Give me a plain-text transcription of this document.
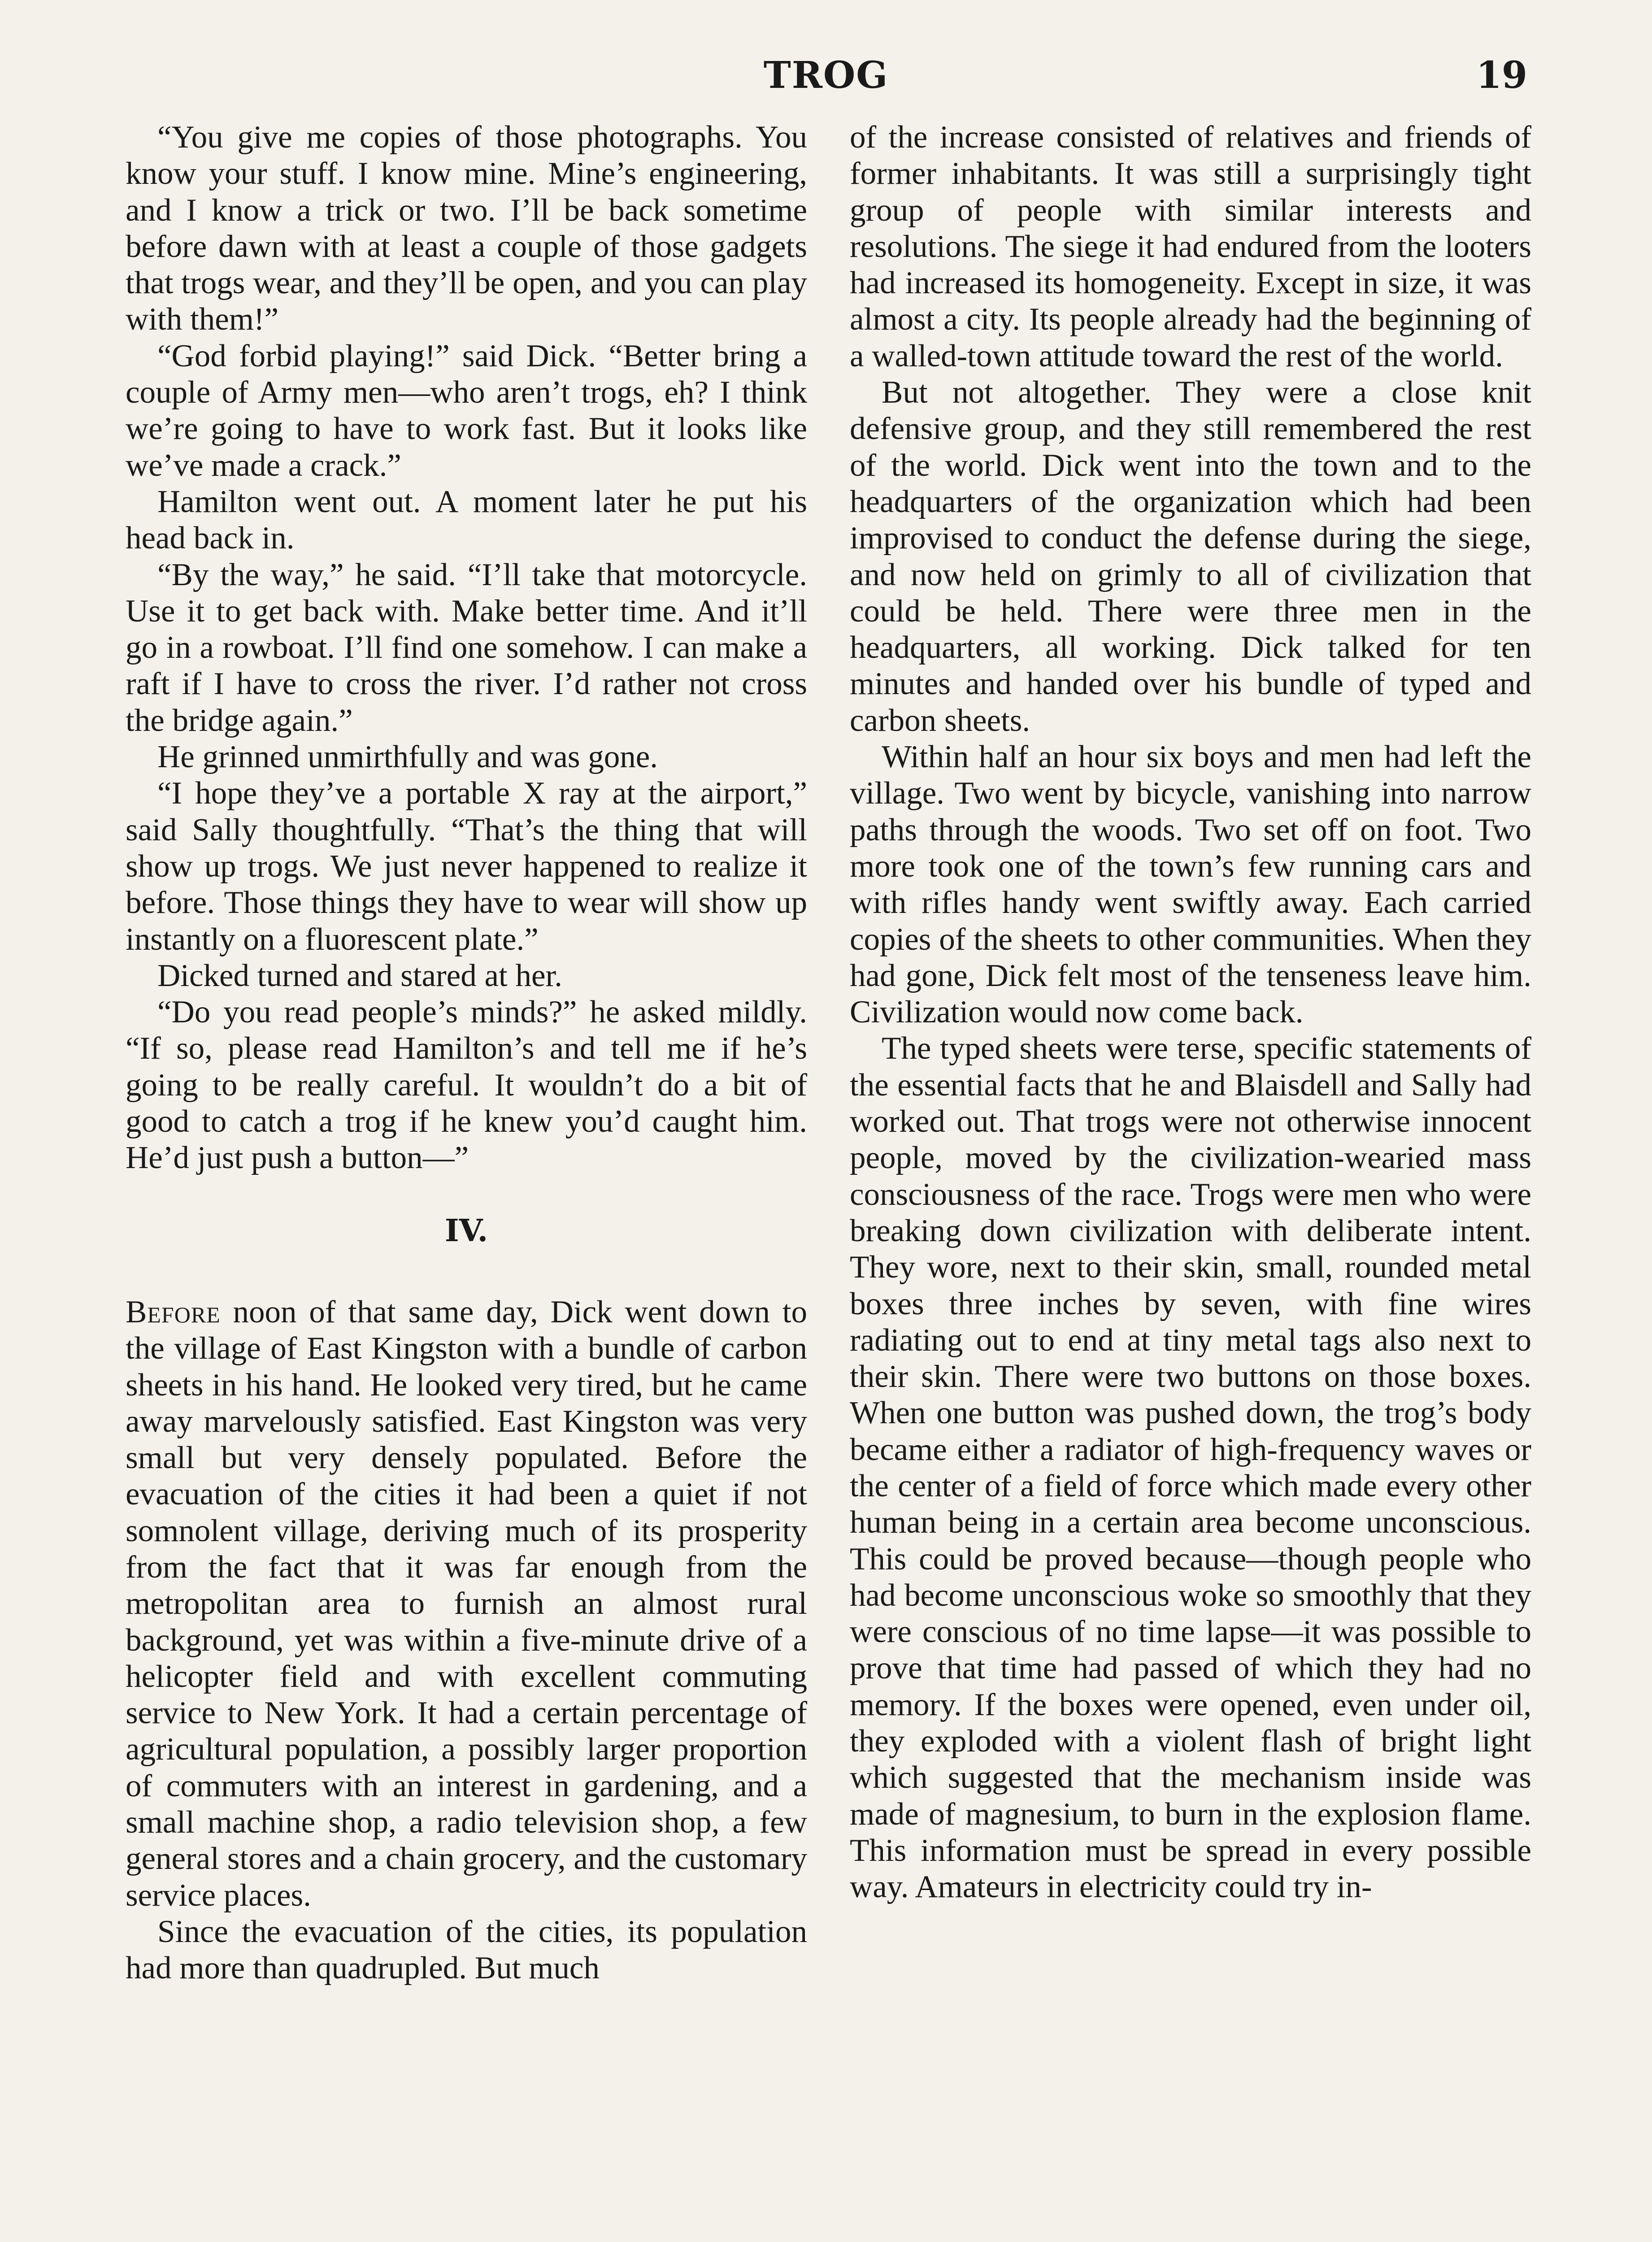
TROG	19

“You give me copies of those photographs. You know your stuff. I know mine. Mine’s engineering, and I know a trick or two. I’ll be back sometime before dawn with at least a couple of those gadgets that trogs wear, and they’ll be open, and you can play with them!”

“God forbid playing!” said Dick. “Better bring a couple of Army men—who aren’t trogs, eh? I think we’re going to have to work fast. But it looks like we’ve made a crack.”

Hamilton went out. A moment later he put his head back in.

“By the way,” he said. “I’ll take that motorcycle. Use it to get back with. Make better time. And it’ll go in a rowboat. I’ll find one somehow. I can make a raft if I have to cross the river. I’d rather not cross the bridge again.”

He grinned unmirthfully and was gone.

“I hope they’ve a portable X ray at the airport,” said Sally thoughtfully. “That’s the thing that will show up trogs. We just never happened to realize it before. Those things they have to wear will show up instantly on a fluorescent plate.”

Dicked turned and stared at her.

“Do you read people’s minds?” he asked mildly. “If so, please read Hamilton’s and tell me if he’s going to be really careful. It wouldn’t do a bit of good to catch a trog if he knew you’d caught him. He’d just push a button—”

IV.

Before noon of that same day, Dick went down to the village of East Kingston with a bundle of carbon sheets in his hand. He looked very tired, but he came away marvelously satisfied. East Kingston was very small but very densely populated. Before the evacuation of the cities it had been a quiet if not somnolent village, deriving much of its prosperity from the fact that it was far enough from the metropolitan area to furnish an almost rural background, yet was within a five-minute drive of a helicopter field and with excellent commuting service to New York. It had a certain percentage of agricultural population, a possibly larger proportion of commuters with an interest in gardening, and a small machine shop, a radio television shop, a few general stores and a chain grocery, and the customary service places.

Since the evacuation of the cities, its population had more than quadrupled. But much

of the increase consisted of relatives and friends of former inhabitants. It was still a surprisingly tight group of people with similar interests and resolutions. The siege it had endured from the looters had increased its homogeneity. Except in size, it was almost a city. Its people already had the beginning of a walled-town attitude toward the rest of the world.

But not altogether. They were a close knit defensive group, and they still remembered the rest of the world. Dick went into the town and to the headquarters of the organization which had been improvised to conduct the defense during the siege, and now held on grimly to all of civilization that could be held. There were three men in the headquarters, all working. Dick talked for ten minutes and handed over his bundle of typed and carbon sheets.

Within half an hour six boys and men had left the village. Two went by bicycle, vanishing into narrow paths through the woods. Two set off on foot. Two more took one of the town’s few running cars and with rifles handy went swiftly away. Each carried copies of the sheets to other communities. When they had gone, Dick felt most of the tenseness leave him. Civilization would now come back.

The typed sheets were terse, specific statements of the essential facts that he and Blaisdell and Sally had worked out. That trogs were not otherwise innocent people, moved by the civilization-wearied mass consciousness of the race. Trogs were men who were breaking down civilization with deliberate intent. They wore, next to their skin, small, rounded metal boxes three inches by seven, with fine wires radiating out to end at tiny metal tags also next to their skin. There were two buttons on those boxes. When one button was pushed down, the trog’s body became either a radiator of high-frequency waves or the center of a field of force which made every other human being in a certain area become unconscious. This could be proved because—though people who had become unconscious woke so smoothly that they were conscious of no time lapse—it was possible to prove that time had passed of which they had no memory. If the boxes were opened, even under oil, they exploded with a violent flash of bright light which suggested that the mechanism inside was made of magnesium, to burn in the explosion flame. This information must be spread in every possible way. Amateurs in electricity could try in-
